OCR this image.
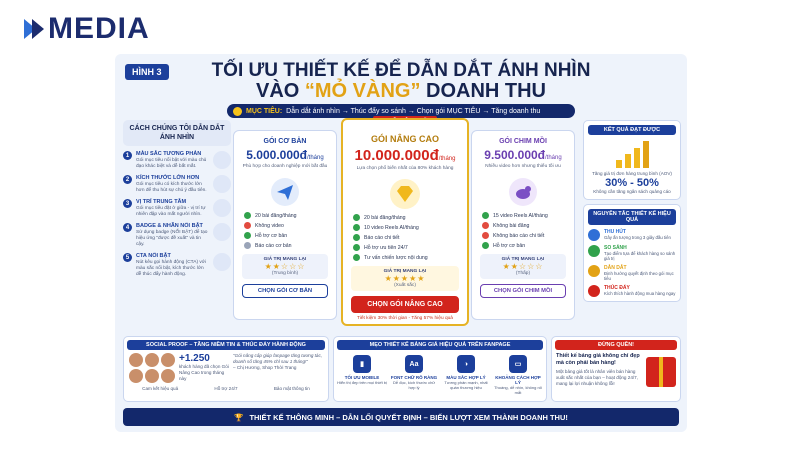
MEDIA
HÌNH 3	TỐI ƯU THIẾT KẾ ĐỂ DẪN DẮT ÁNH NHÌN
VÀO “MỎ VÀNG” DOANH THU
MỤC TIÊU: Dẫn dắt ánh nhìn → Thúc đẩy so sánh → Chọn gói MỤC TIÊU → Tăng doanh thu
CÁCH CHÚNG TÔI DẪN DẮT ÁNH NHÌN
1	MÀU SẮC TƯƠNG PHẢN
Gói mục tiêu nổi bật với màu chủ đạo khác biệt và dễ bắt mắt.
2	KÍCH THƯỚC LỚN HƠN
Gói mục tiêu có kích thước lớn hơn để thu hút sự chú ý đầu tiên.
3	VỊ TRÍ TRUNG TÂM
Gói mục tiêu đặt ở giữa - vị trí tự nhiên đập vào mắt người nhìn.
4	BADGE & NHÃN NỔI BẬT
Sử dụng badge (NỔI BẬT) để tạo hiệu ứng "được đề xuất" và tin cậy.
5	CTA NỔI BẬT
Nút kêu gọi hành động (CTA) với màu sắc nổi bật, kích thước lớn dễ thúc đẩy hành động.
GÓI CƠ BẢN
5.000.000đ/tháng
Phù hợp cho doanh nghiệp mới bắt đầu
20 bài đăng/tháng
Không video
Hỗ trợ cơ bản
Báo cáo cơ bản
GIÁ TRỊ MANG LẠI
★★☆☆☆
(Trung bình)
CHỌN GÓI CƠ BẢN
GÓI NÂNG CAO
10.000.000đ/tháng
Lựa chọn phổ biến nhất của 80% khách hàng
20 bài đăng/tháng
10 video Reels AI/tháng
Báo cáo chi tiết
Hỗ trợ ưu tiên 24/7
Tư vấn chiến lược nội dung
GIÁ TRỊ MANG LẠI
★★★★★
(Xuất sắc)
CHỌN GÓI NÂNG CAO
Tiết kiệm 30% thời gian - Tăng 57% hiệu quả
GÓI CHIM MỒI
9.500.000đ/tháng
Nhiều video hơn nhưng thiếu tối ưu
15 video Reels AI/tháng
Không bài đăng
Không báo cáo chi tiết
Hỗ trợ cơ bản
GIÁ TRỊ MANG LẠI
★★☆☆☆
(Thấp)
CHỌN GÓI CHIM MỒI
KẾT QUẢ ĐẠT ĐƯỢC
Tăng giá trị đơn hàng trung bình (AOV)
30% - 50%
Không cần tăng ngân sách quảng cáo
NGUYÊN TẮC THIẾT KẾ HIỆU QUẢ
THU HÚT
Gây ấn tượng trong 3 giây đầu tiên
SO SÁNH
Tạo điểm tựa để khách hàng so sánh giá trị
DẪN DẮT
Định hướng quyết định theo gói mục tiêu
THÚC ĐẨY
Kích thích hành động mua hàng ngay
SOCIAL PROOF – TĂNG NIỀM TIN & THÚC ĐẨY HÀNH ĐỘNG
+1.250
khách hàng đã chọn Gói Nâng Cao trong tháng này
"Gói nâng cấp giúp fanpage tăng tương tác, doanh số tăng 45% chỉ sau 1 tháng!"
– Chị Hương, Shop Thời Trang
Cam kết hiệu quả	Hỗ trợ 24/7	Bảo mật thông tin
MẸO THIẾT KẾ BẢNG GIÁ HIỆU QUẢ TRÊN FANPAGE
▮
TỐI ƯU MOBILE
Hiển thị đẹp trên mọi thiết bị
Aa
FONT CHỮ RÕ RÀNG
Dễ đọc, kích thước chữ hợp lý
◑
MÀU SẮC HỢP LÝ
Tương phản mạnh, nhất quán thương hiệu
▭
KHOẢNG CÁCH HỢP LÝ
Thoáng, dễ nhìn, không rối mắt
ĐỪNG QUÊN!
Thiết kế bảng giá không chỉ đẹp mà còn phải bán hàng!
Một bảng giá tốt là nhân viên bán hàng xuất sắc nhất của bạn – hoạt động 24/7, mang lại lợi nhuận không lỗi!
🏆 THIẾT KẾ THÔNG MINH – DẪN LỐI QUYẾT ĐỊNH – BIẾN LƯỢT XEM THÀNH DOANH THU!
